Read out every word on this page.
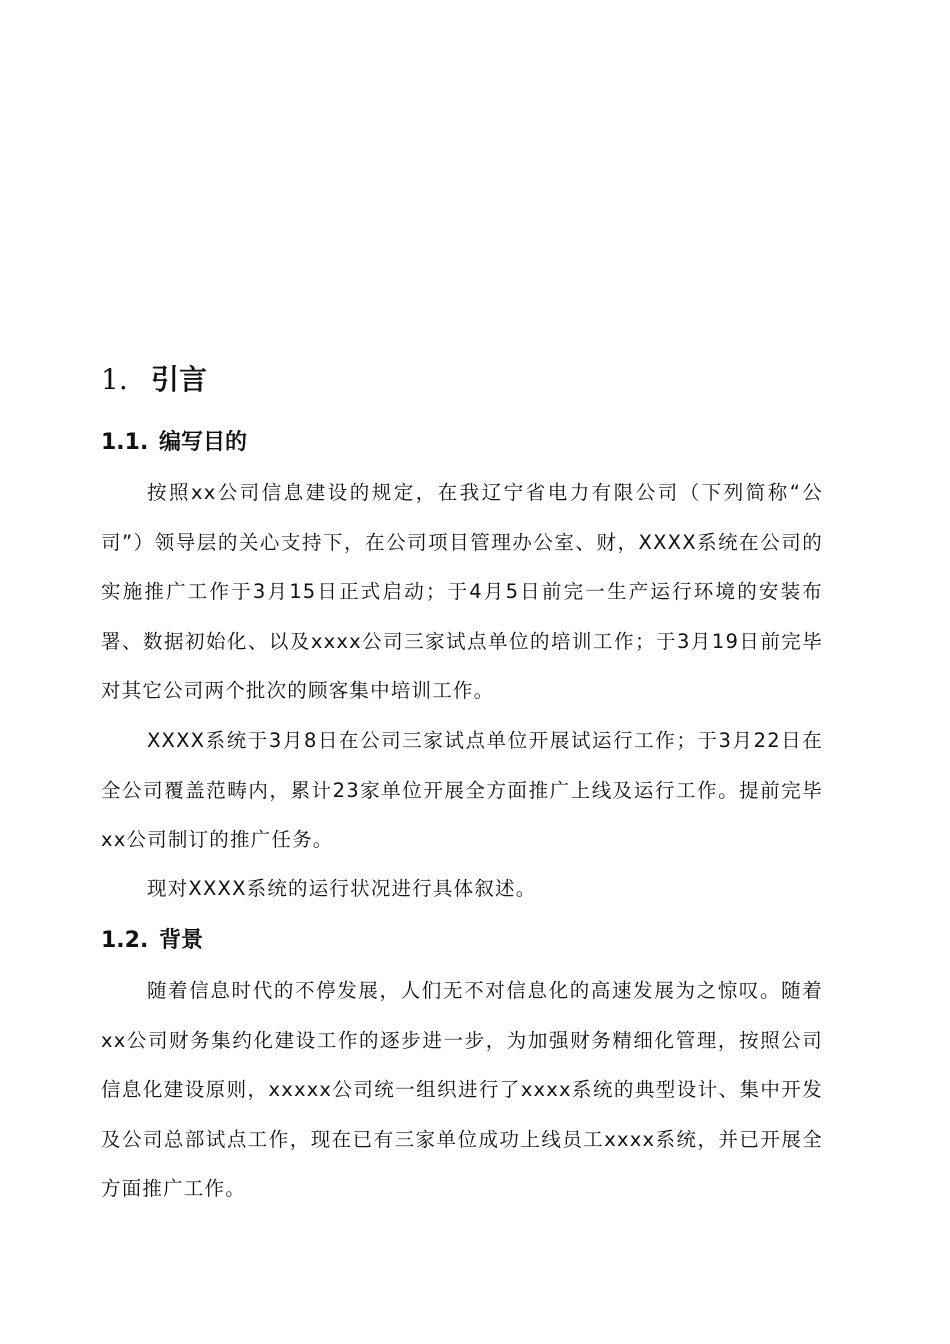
1. 引言
1.1. 编写目的

按照xx公司信息建设的规定，在我辽宁省电力有限公司（下列简称“公司”）领导层的关心支持下，在公司项目管理办公室、财，XXXX系统在公司的实施推广工作于3月15日正式启动；于4月5日前完一生产运行环境的安装布署、数据初始化、以及xxxx公司三家试点单位的培训工作；于3月19日前完毕对其它公司两个批次的顾客集中培训工作。

XXXX系统于3月8日在公司三家试点单位开展试运行工作；于3月22日在全公司覆盖范畴内，累计23家单位开展全方面推广上线及运行工作。提前完毕xx公司制订的推广任务。

现对XXXX系统的运行状况进行具体叙述。

1.2. 背景

随着信息时代的不停发展，人们无不对信息化的高速发展为之惊叹。随着xx公司财务集约化建设工作的逐步进一步，为加强财务精细化管理，按照公司信息化建设原则，xxxxx公司统一组织进行了xxxx系统的典型设计、集中开发及公司总部试点工作，现在已有三家单位成功上线员工xxxx系统，并已开展全方面推广工作。
